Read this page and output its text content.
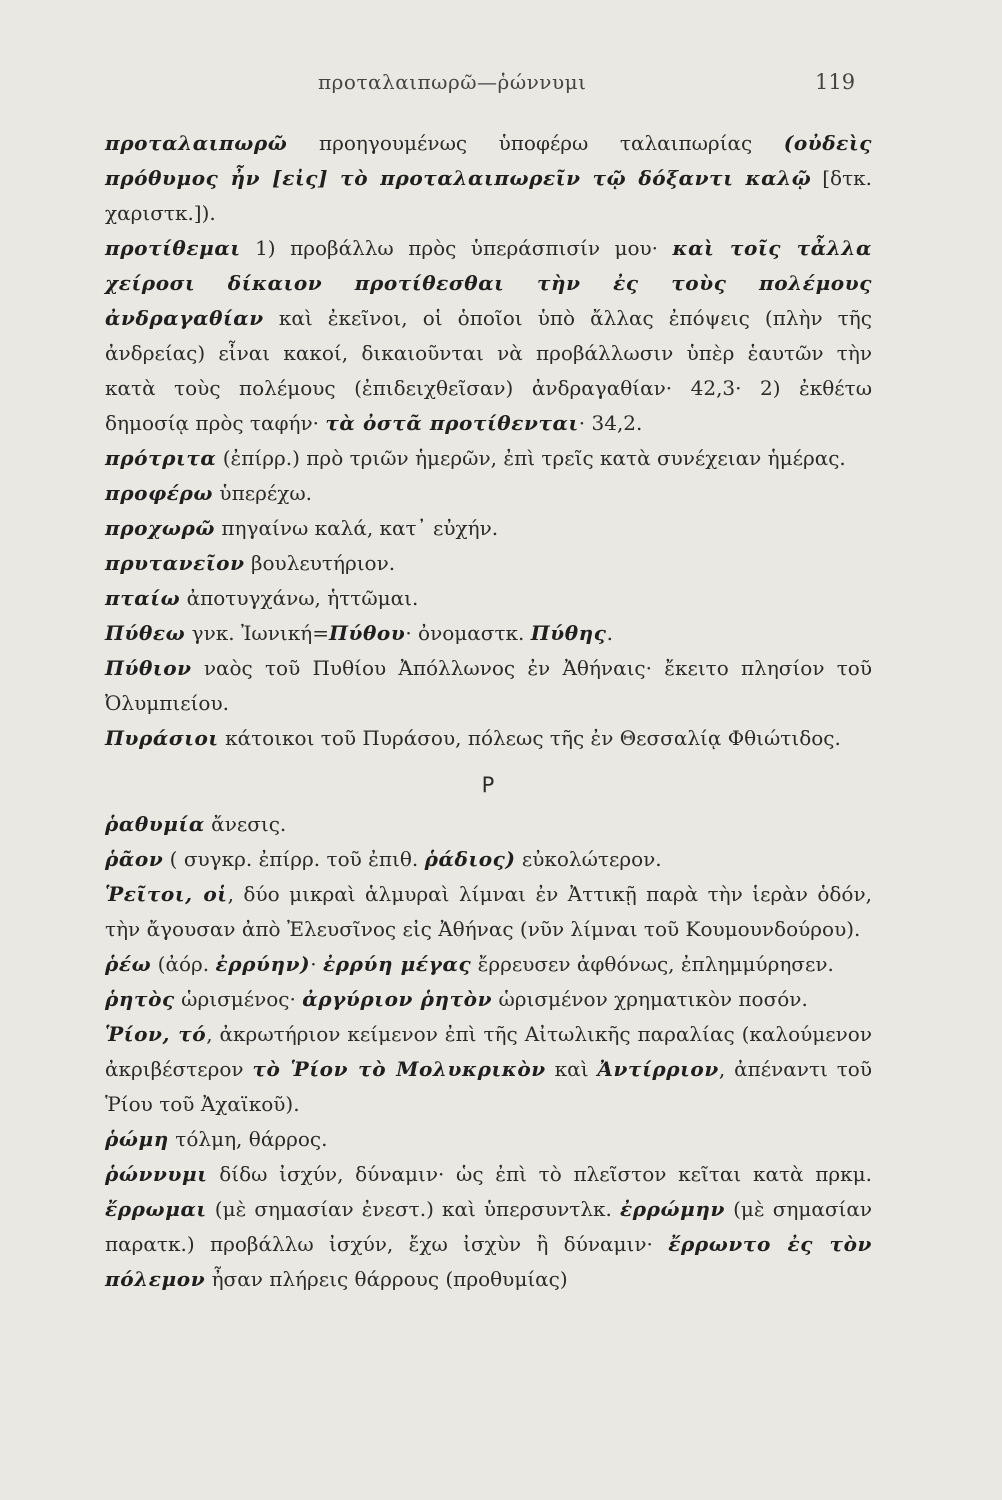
προταλαιπωρῶ—ῥώννυμι	119

προταλαιπωρῶ προηγουμένως ὑποφέρω ταλαιπωρίας (οὐδεὶς πρόθυμος ἦν [εἰς] τὸ προταλαιπωρεῖν τῷ δόξαντι καλῷ [δτκ. χαριστκ.]).

προτίθεμαι 1) προβάλλω πρὸς ὑπεράσπισίν μου· καὶ τοῖς τἆλλα χείροσι δίκαιον προτίθεσθαι τὴν ἐς τοὺς πολέμους ἀνδραγαθίαν καὶ ἐκεῖνοι, οἱ ὁποῖοι ὑπὸ ἄλλας ἐπόψεις (πλὴν τῆς ἀνδρείας) εἶναι κακοί, δικαιοῦνται νὰ προβάλλωσιν ὑπὲρ ἑαυτῶν τὴν κατὰ τοὺς πολέμους (ἐπιδειχθεῖσαν) ἀνδραγαθίαν· 42,3· 2) ἐκθέτω δημοσίᾳ πρὸς ταφήν· τὰ ὀστᾶ προτίθενται· 34,2.

πρότριτα (ἐπίρρ.) πρὸ τριῶν ἡμερῶν, ἐπὶ τρεῖς κατὰ συνέχειαν ἡμέρας.

προφέρω ὑπερέχω.

προχωρῶ πηγαίνω καλά, κατ᾽ εὐχήν.

πρυτανεῖον βουλευτήριον.

πταίω ἀποτυγχάνω, ἡττῶμαι.

Πύθεω γνκ. Ἰωνική=Πύθου· ὀνομαστκ. Πύθης.

Πύθιον ναὸς τοῦ Πυθίου Ἀπόλλωνος ἐν Ἀθήναις· ἔκειτο πλησίον τοῦ Ὀλυμπιείου.

Πυράσιοι κάτοικοι τοῦ Πυράσου, πόλεως τῆς ἐν Θεσσαλίᾳ Φθιώτιδος.

Ρ

ῥαθυμία ἄνεσις.

ῥᾶον ( συγκρ. ἐπίρρ. τοῦ ἐπιθ. ῥάδιος) εὐκολώτερον.

Ῥεῖτοι, οἱ, δύο μικραὶ ἁλμυραὶ λίμναι ἐν Ἀττικῇ παρὰ τὴν ἱερὰν ὁδόν, τὴν ἄγουσαν ἀπὸ Ἐλευσῖνος εἰς Ἀθήνας (νῦν λίμναι τοῦ Κουμουνδούρου).

ῥέω (ἀόρ. ἐρρύην)· ἐρρύη μέγας ἔρρευσεν ἀφθόνως, ἐπλημμύρησεν.

ῥητὸς ὡρισμένος· ἀργύριον ῥητὸν ὡρισμένον χρηματικὸν ποσόν.

Ῥίον, τό, ἀκρωτήριον κείμενον ἐπὶ τῆς Αἰτωλικῆς παραλίας (καλούμενον ἀκριβέστερον τὸ Ῥίον τὸ Μολυκρικὸν καὶ Ἀντίρριον, ἀπέναντι τοῦ Ῥίου τοῦ Ἀχαϊκοῦ).

ῥώμη τόλμη, θάρρος.

ῥώννυμι δίδω ἰσχύν, δύναμιν· ὡς ἐπὶ τὸ πλεῖστον κεῖται κατὰ πρκμ. ἔρρωμαι (μὲ σημασίαν ἐνεστ.) καὶ ὑπερσυντλκ. ἐρρώμην (μὲ σημασίαν παρατκ.) προβάλλω ἰσχύν, ἔχω ἰσχὺν ἢ δύναμιν· ἔρρωντο ἐς τὸν πόλεμον ἦσαν πλήρεις θάρρους (προθυμίας)
